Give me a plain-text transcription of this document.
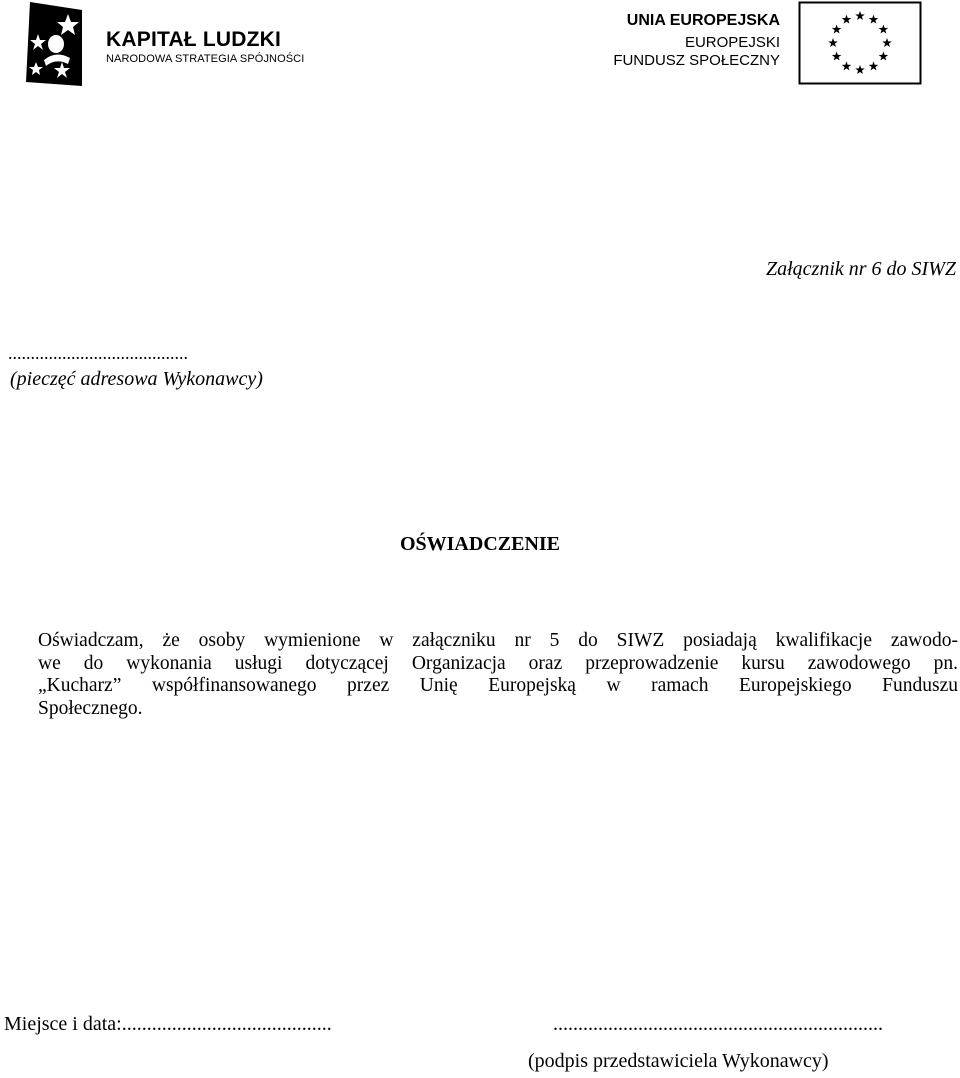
KAPITAŁ LUDZKI
NARODOWA STRATEGIA SPÓJNOŚCI
UNIA EUROPEJSKA
EUROPEJSKI
FUNDUSZ SPOŁECZNY
Załącznik nr 6 do SIWZ
........................................
(pieczęć adresowa Wykonawcy)
OŚWIADCZENIE
Oświadczam, że osoby wymienione w załączniku nr 5 do SIWZ posiadają kwalifikacje zawodo-
we do wykonania usługi dotyczącej Organizacja oraz przeprowadzenie kursu zawodowego pn.
„Kucharz” współfinansowanego przez Unię Europejską w ramach Europejskiego Funduszu
Społecznego.
Miejsce i data:..........................................	..................................................................
(podpis przedstawiciela Wykonawcy)
